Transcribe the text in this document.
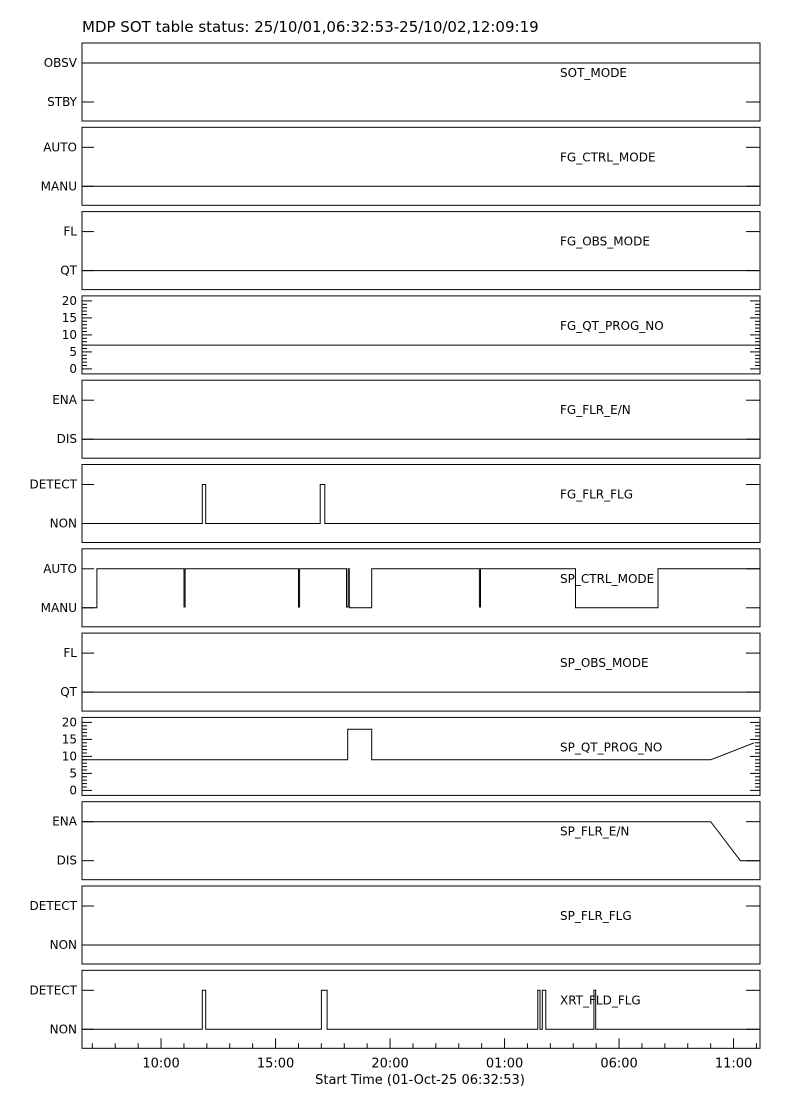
MDP SOT table status: 25/10/01,06:32:53-25/10/02,12:09:19
OBSV
STBY
SOT_MODE
AUTO
MANU
FG_CTRL_MODE
FL
QT
FG_OBS_MODE
20
15
10
5
0
FG_QT_PROG_NO
ENA
DIS
FG_FLR_E/N
DETECT
NON
FG_FLR_FLG
AUTO
MANU
SP_CTRL_MODE
FL
QT
SP_OBS_MODE
20
15
10
5
0
SP_QT_PROG_NO
ENA
DIS
SP_FLR_E/N
DETECT
NON
SP_FLR_FLG
DETECT
NON
XRT_FLD_FLG
10:00	15:00	20:00	01:00	06:00	11:00
Start Time (01-Oct-25 06:32:53)
